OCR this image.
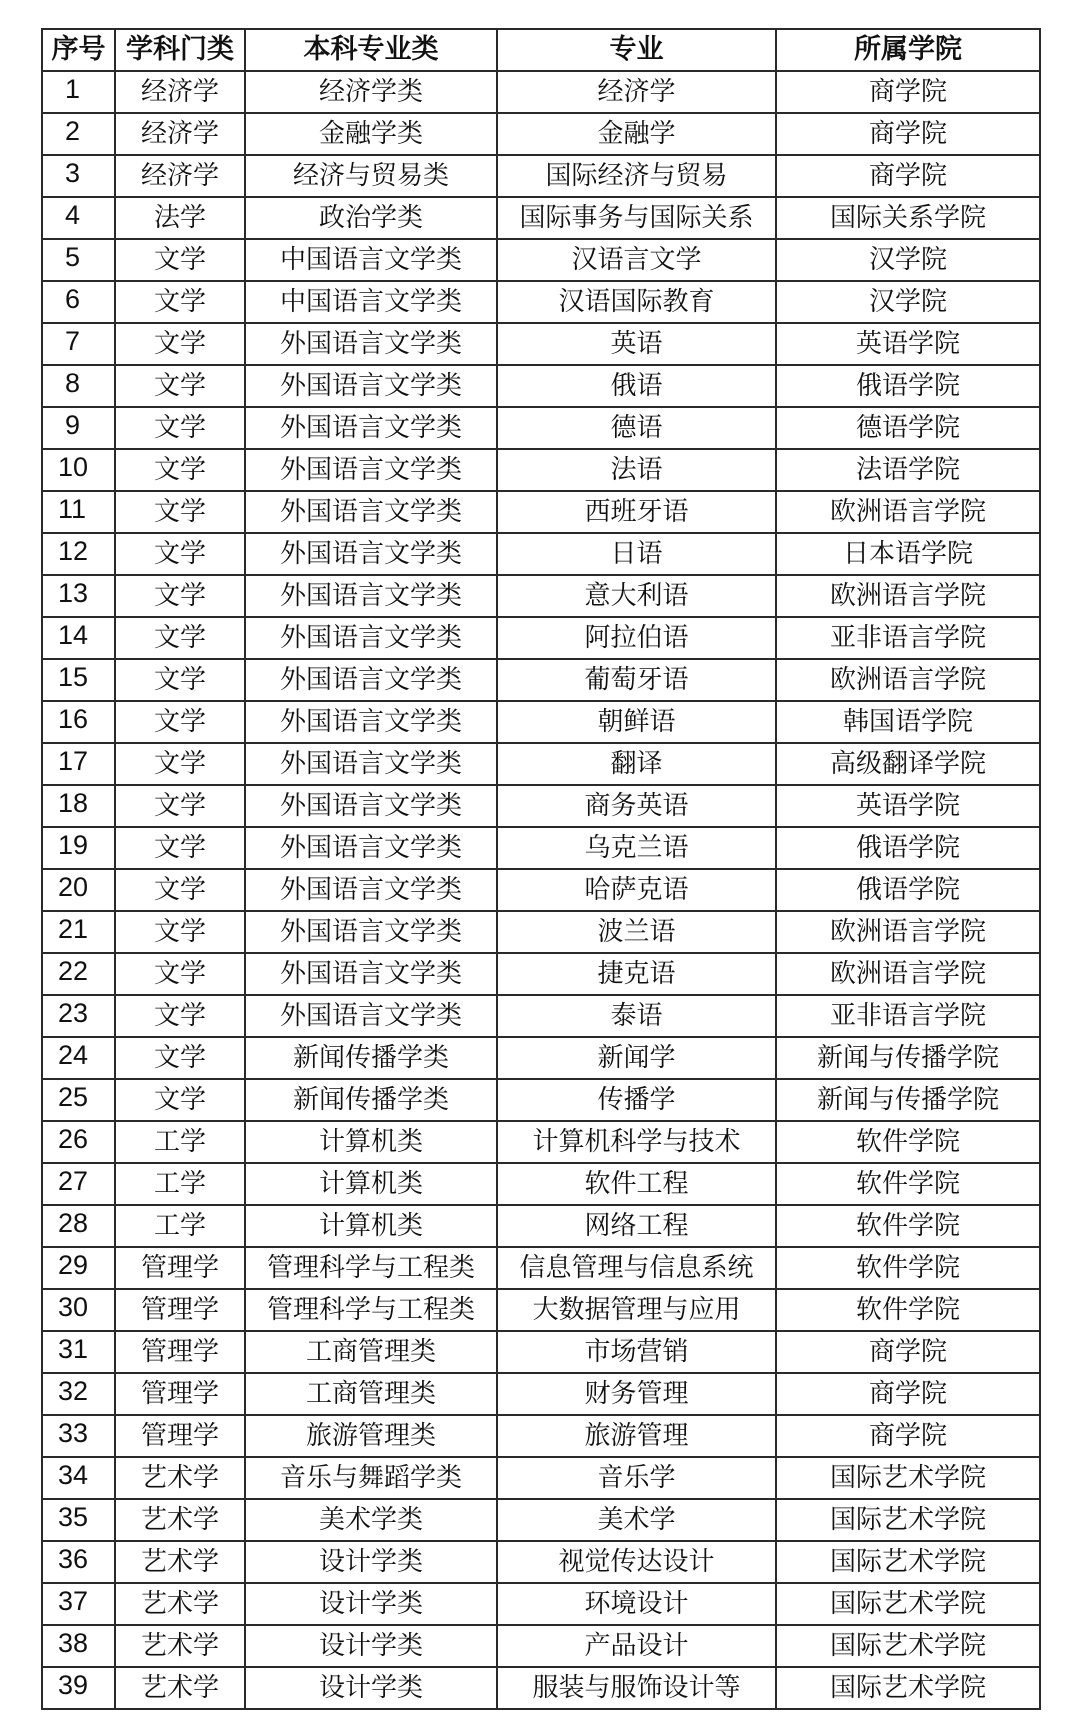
序号	学科门类	本科专业类	专业	所属学院
1	经济学	经济学类	经济学	商学院
2	经济学	金融学类	金融学	商学院
3	经济学	经济与贸易类	国际经济与贸易	商学院
4	法学	政治学类	国际事务与国际关系	国际关系学院
5	文学	中国语言文学类	汉语言文学	汉学院
6	文学	中国语言文学类	汉语国际教育	汉学院
7	文学	外国语言文学类	英语	英语学院
8	文学	外国语言文学类	俄语	俄语学院
9	文学	外国语言文学类	德语	德语学院
10	文学	外国语言文学类	法语	法语学院
11	文学	外国语言文学类	西班牙语	欧洲语言学院
12	文学	外国语言文学类	日语	日本语学院
13	文学	外国语言文学类	意大利语	欧洲语言学院
14	文学	外国语言文学类	阿拉伯语	亚非语言学院
15	文学	外国语言文学类	葡萄牙语	欧洲语言学院
16	文学	外国语言文学类	朝鲜语	韩国语学院
17	文学	外国语言文学类	翻译	高级翻译学院
18	文学	外国语言文学类	商务英语	英语学院
19	文学	外国语言文学类	乌克兰语	俄语学院
20	文学	外国语言文学类	哈萨克语	俄语学院
21	文学	外国语言文学类	波兰语	欧洲语言学院
22	文学	外国语言文学类	捷克语	欧洲语言学院
23	文学	外国语言文学类	泰语	亚非语言学院
24	文学	新闻传播学类	新闻学	新闻与传播学院
25	文学	新闻传播学类	传播学	新闻与传播学院
26	工学	计算机类	计算机科学与技术	软件学院
27	工学	计算机类	软件工程	软件学院
28	工学	计算机类	网络工程	软件学院
29	管理学	管理科学与工程类	信息管理与信息系统	软件学院
30	管理学	管理科学与工程类	大数据管理与应用	软件学院
31	管理学	工商管理类	市场营销	商学院
32	管理学	工商管理类	财务管理	商学院
33	管理学	旅游管理类	旅游管理	商学院
34	艺术学	音乐与舞蹈学类	音乐学	国际艺术学院
35	艺术学	美术学类	美术学	国际艺术学院
36	艺术学	设计学类	视觉传达设计	国际艺术学院
37	艺术学	设计学类	环境设计	国际艺术学院
38	艺术学	设计学类	产品设计	国际艺术学院
39	艺术学	设计学类	服装与服饰设计等	国际艺术学院
